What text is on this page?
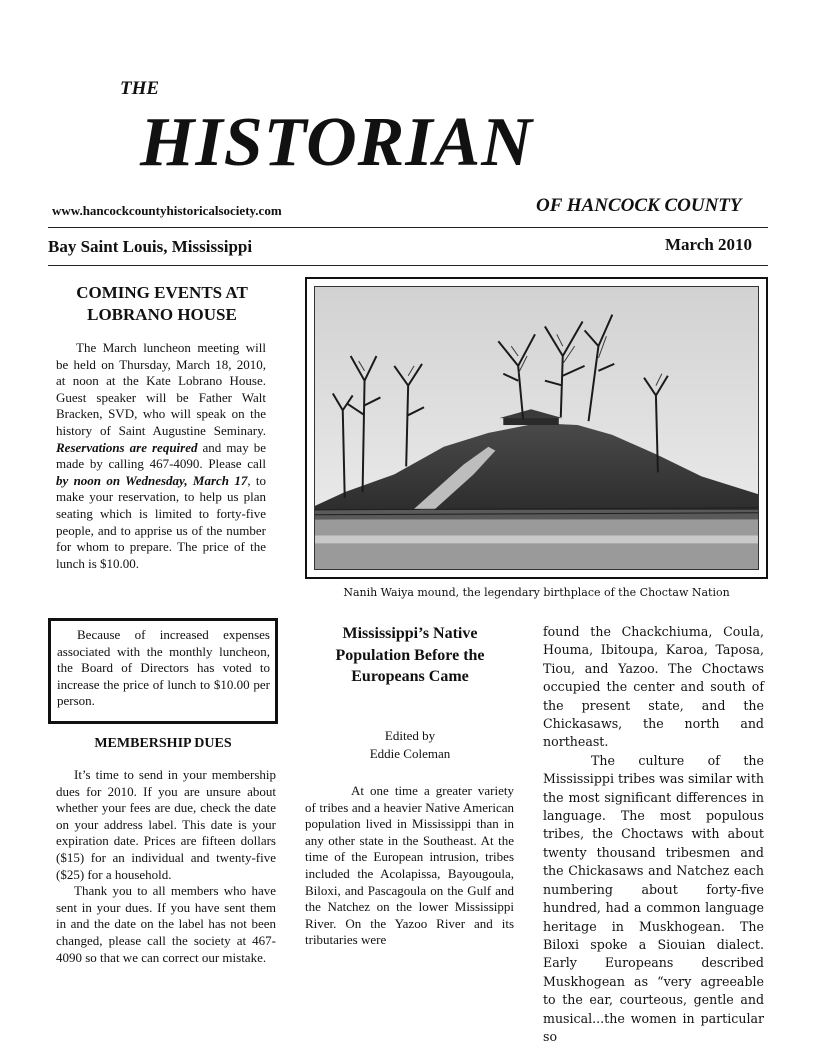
THE
HISTORIAN
www.hancockcountyhistoricalsociety.com	OF HANCOCK COUNTY
Bay Saint Louis, Mississippi	March 2010
Nanih Waiya mound, the legendary birthplace of the Choctaw Nation
COMING EVENTS AT LOBRANO HOUSE

The March luncheon meeting will be held on Thursday, March 18, 2010, at noon at the Kate Lobrano House. Guest speaker will be Father Walt Bracken, SVD, who will speak on the history of Saint Augustine Seminary. Reservations are required and may be made by calling 467-4090. Please call by noon on Wednesday, March 17, to make your reservation, to help us plan seating which is limited to forty-five people, and to apprise us of the number for whom to prepare. The price of the lunch is $10.00.

Because of increased expenses associated with the monthly luncheon, the Board of Directors has voted to increase the price of lunch to $10.00 per person.

MEMBERSHIP DUES

It’s time to send in your membership dues for 2010. If you are unsure about whether your fees are due, check the date on your address label. This date is your expiration date. Prices are fifteen dollars ($15) for an individual and twenty-five ($25) for a household.

Thank you to all members who have sent in your dues. If you have sent them in and the date on the label has not been changed, please call the society at 467-4090 so that we can correct our mistake.

Mississippi’s Native Population Before the Europeans Came
Edited by
Eddie Coleman

At one time a greater variety of tribes and a heavier Native American population lived in Mississippi than in any other state in the Southeast. At the time of the European intrusion, tribes included the Acolapissa, Bayougoula, Biloxi, and Pascagoula on the Gulf and the Natchez on the lower Mississippi River. On the Yazoo River and its tributaries were

found the Chackchiuma, Coula, Houma, Ibitoupa, Karoa, Taposa, Tiou, and Yazoo. The Choctaws occupied the center and south of the present state, and the Chickasaws, the north and northeast.

The culture of the Mississippi tribes was similar with the most significant differences in language. The most populous tribes, the Choctaws with about twenty thousand tribesmen and the Chickasaws and Natchez each numbering about forty-five hundred, had a common language heritage in Muskhogean. The Biloxi spoke a Siouian dialect. Early Europeans described Muskhogean as “very agreeable to the ear, courteous, gentle and musical...the women in particular so
